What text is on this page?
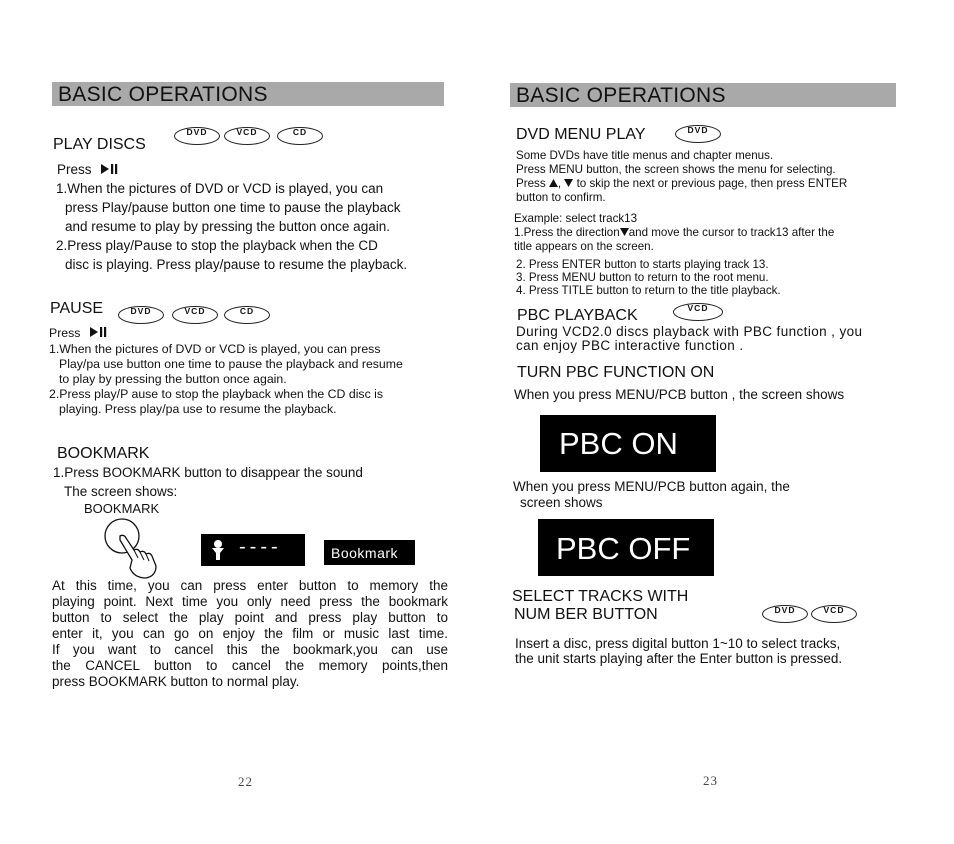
BASIC OPERATIONS
PLAY DISCS
DVD	VCD	CD
Press
1.When the pictures of DVD or VCD is played, you can
press Play/pause button one time to pause the playback
and resume to play by pressing the button once again.
2.Press play/Pause to stop the playback when the CD
disc is playing. Press play/pause to resume the playback.
PAUSE	DVD	VCD	CD
Press
1.When the pictures of DVD or VCD is played, you can press
Play/pa use button one time to pause the playback and resume
to play by pressing the button once again.
2.Press play/P ause to stop the playback when the CD disc is
playing. Press play/pa use to resume the playback.
BOOKMARK
1.Press BOOKMARK button to disappear the sound
The screen shows:
BOOKMARK
----	Bookmark
At this time, you can press enter button to memory the
playing point. Next time you only need press the bookmark
button to select the play point and press play button to
enter it, you can go on enjoy the film or music last time.
If you want to cancel this the bookmark,you can use
the CANCEL button to cancel the memory points,then
press BOOKMARK button to normal play.
22
BASIC OPERATIONS
DVD MENU PLAY	DVD
Some DVDs have title menus and chapter menus.
Press MENU button, the screen shows the menu for selecting.
Press ,  to skip the next or previous page, then press ENTER
button to confirm.
Example: select track13
1.Press the direction and move the cursor to track13 after the
title appears on the screen.
2. Press ENTER button to starts playing track 13.
3. Press MENU button to return to the root menu.
4. Press TITLE button to return to the title playback.
PBC PLAYBACK	VCD
During VCD2.0 discs playback with PBC function , you
can enjoy PBC interactive function .
TURN PBC FUNCTION ON
When you press MENU/PCB button , the screen shows
PBC ON
When you press MENU/PCB button again, the
screen shows
PBC OFF
SELECT TRACKS WITH
NUM BER BUTTON	DVD	VCD
Insert a disc, press digital button 1~10 to select tracks,
the unit starts playing after the Enter button is pressed.
23
